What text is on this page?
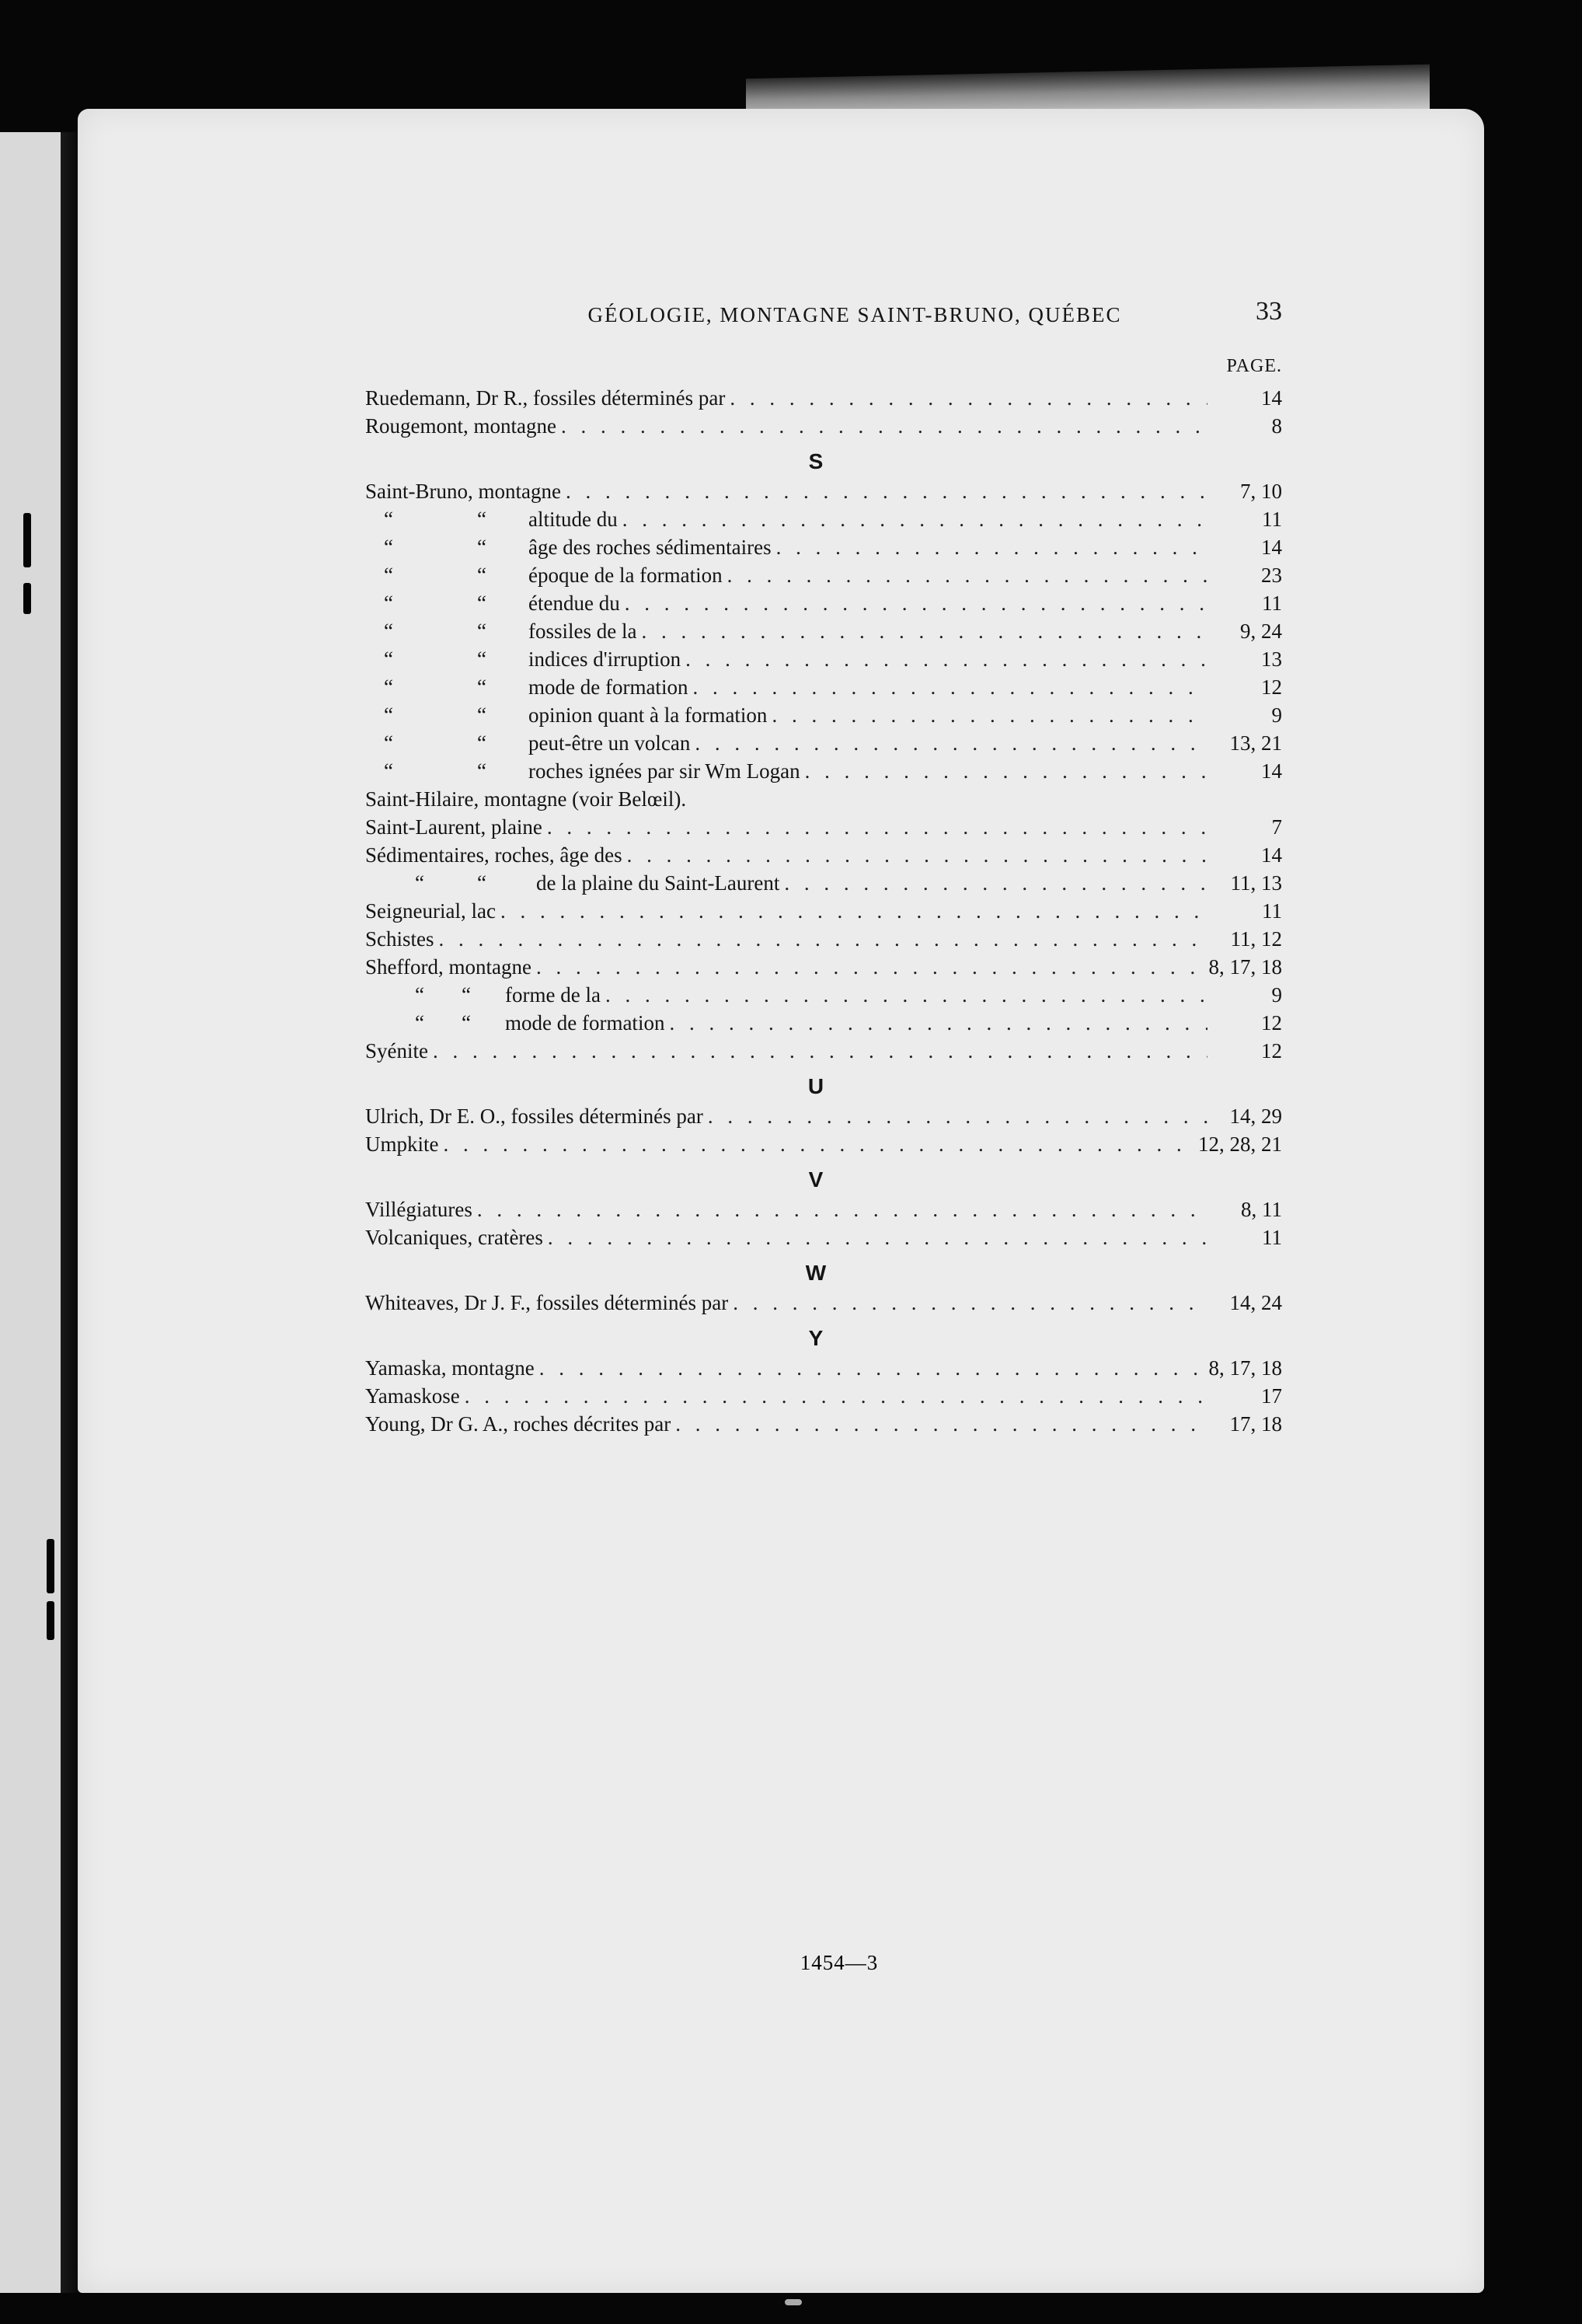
GÉOLOGIE, MONTAGNE SAINT-BRUNO, QUÉBEC	33
PAGE.
Ruedemann, Dr R., fossiles déterminés par . . .	14
Rougemont, montagne . . .	8
S
Saint-Bruno, montagne . . .	7, 10
“	“ altitude du . . .	11
“	“ âge des roches sédimentaires . . .	14
“	“ époque de la formation . . .	23
“	“ étendue du . . .	11
“	“ fossiles de la . . .	9, 24
“	“ indices d'irruption . . .	13
“	“ mode de formation . . .	12
“	“ opinion quant à la formation . . .	9
“	“ peut-être un volcan . . .	13, 21
“	“ roches ignées par sir Wm Logan . . .	14
Saint-Hilaire, montagne (voir Belœil).
Saint-Laurent, plaine . . .	7
Sédimentaires, roches, âge des . . .	14
“	“ de la plaine du Saint-Laurent . . .	11, 13
Seigneurial, lac . . .	11
Schistes . . .	11, 12
Shefford, montagne . . .	8, 17, 18
“ “ forme de la . . .	9
“ “ mode de formation . . .	12
Syénite . . .	12
U
Ulrich, Dr E. O., fossiles déterminés par . . .	14, 29
Umpkite . . .	12, 28, 21
V
Villégiatures . . .	8, 11
Volcaniques, cratères . . .	11
W
Whiteaves, Dr J. F., fossiles déterminés par . . .	14, 24
Y
Yamaska, montagne . . .	8, 17, 18
Yamaskose . . .	17
Young, Dr G. A., roches décrites par . . .	17, 18
1454—3
